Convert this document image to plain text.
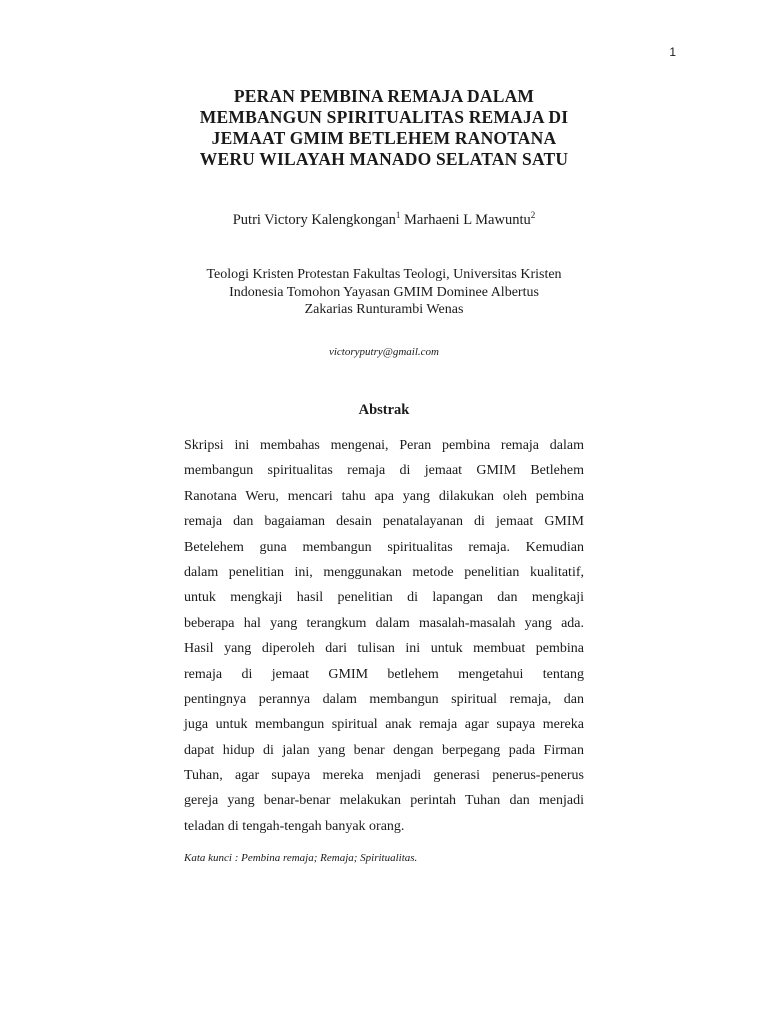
1
PERAN PEMBINA REMAJA DALAM
MEMBANGUN SPIRITUALITAS REMAJA DI
JEMAAT GMIM BETLEHEM RANOTANA
WERU WILAYAH MANADO SELATAN SATU
Putri Victory Kalengkongan$^1$ Marhaeni L Mawuntu$^2$
Teologi Kristen Protestan Fakultas Teologi, Universitas Kristen
Indonesia Tomohon Yayasan GMIM Dominee Albertus
Zakarias Runturambi Wenas
victoryputry@gmail.com
Abstrak
Skripsi ini membahas mengenai, Peran pembina remaja dalam
membangun spiritualitas remaja di jemaat GMIM Betlehem
Ranotana Weru, mencari tahu apa yang dilakukan oleh pembina
remaja dan bagaiaman desain penatalayanan di jemaat GMIM
Betelehem guna membangun spiritualitas remaja. Kemudian
dalam penelitian ini, menggunakan metode penelitian kualitatif,
untuk mengkaji hasil penelitian di lapangan dan mengkaji
beberapa hal yang terangkum dalam masalah-masalah yang ada.
Hasil yang diperoleh dari tulisan ini untuk membuat pembina
remaja di jemaat GMIM betlehem mengetahui tentang
pentingnya perannya dalam membangun spiritual remaja, dan
juga untuk membangun spiritual anak remaja agar supaya mereka
dapat hidup di jalan yang benar dengan berpegang pada Firman
Tuhan, agar supaya mereka menjadi generasi penerus-penerus
gereja yang benar-benar melakukan perintah Tuhan dan menjadi
teladan di tengah-tengah banyak orang.
Kata kunci : Pembina remaja; Remaja; Spiritualitas.
